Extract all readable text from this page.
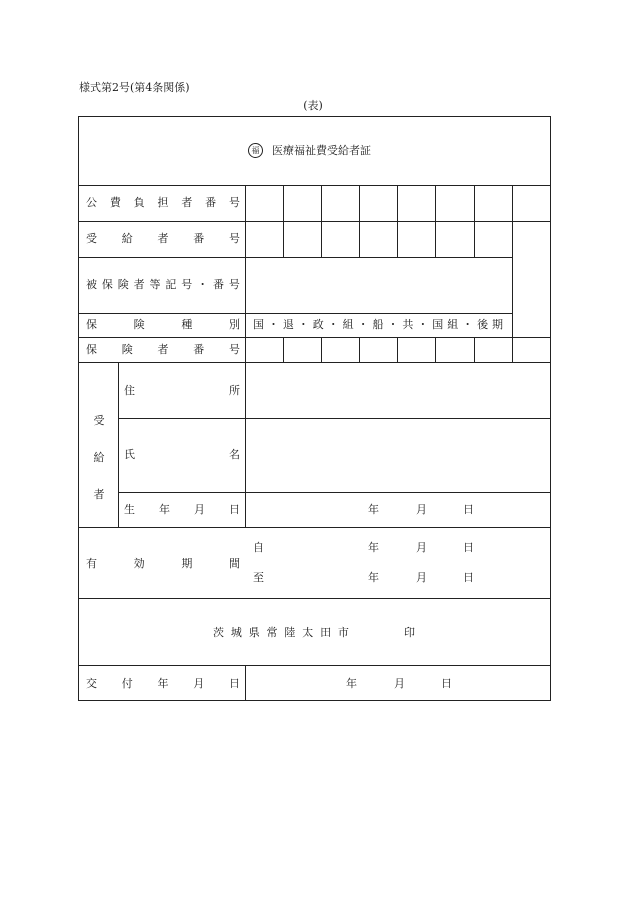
様式第2号(第4条関係)
(表)
福	医療福祉費受給者証
公 費 負 担 者 番 号
受 給 者 番 号
被 保 険 者 等 記 号 ・ 番 号
保	険	種	別 国 ・ 退 ・ 政 ・ 組 ・ 船 ・ 共 ・ 国 組 ・ 後 期
保 険 者 番 号
受給者
住	所
氏	名
生 年 月 日	年	月	日
有	効	期	間
自	年	月	日
至	年	月	日
茨 城 県 常 陸 太 田 市	印
交 付 年 月 日	年	月	日
